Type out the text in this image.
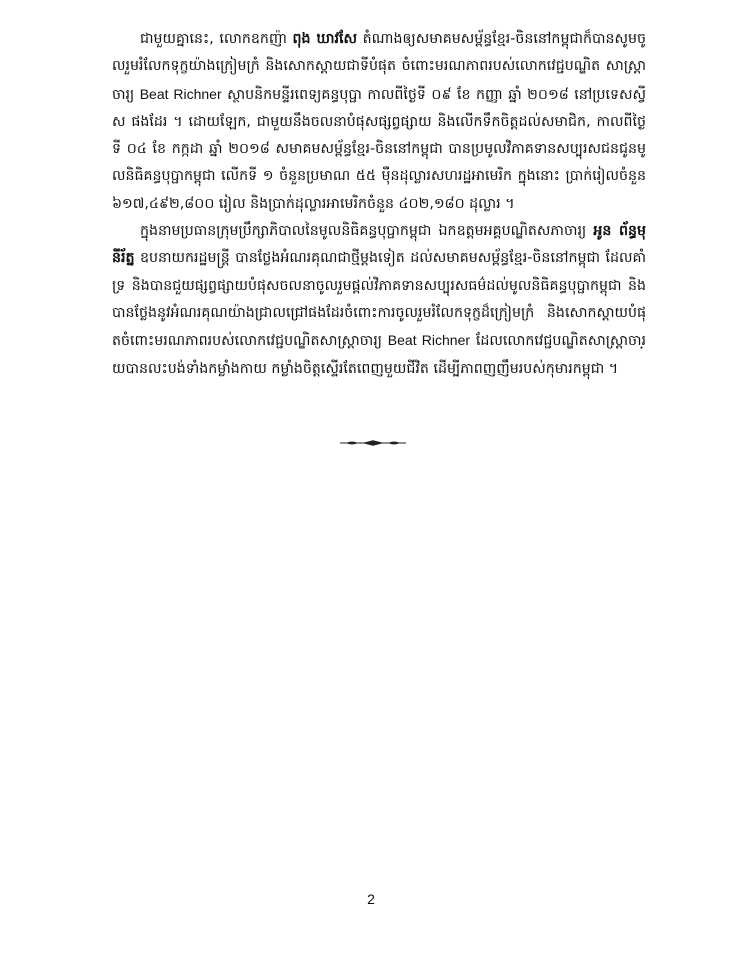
ជាមួយគ្នានេះ, លោកឧកញ៉ា ពុង ឃាវសែ តំណាងឲ្យសមាគមសម្ព័ន្ធខ្មែរ-ចិននៅកម្ពុជាក៏បានសូមចូលរួមរំលែកទុក្ខយ៉ាងក្រៀមក្រំ និងសោកស្តាយជាទីបំផុត ចំពោះមរណភាពរបស់លោកវេជ្ជបណ្ឌិត សាស្ត្រាចារ្យ Beat Richner ស្ថាបនិកមន្ទីរពេទ្យគន្ធបុប្ផា កាលពីថ្ងៃទី ០៩ ខែ កញ្ញា ឆ្នាំ ២០១៨ នៅប្រទេសស្វីស ផងដែរ ។ ដោយឡែក, ជាមួយនឹងចលនាបំផុសផ្សព្វផ្សាយ និងលើកទឹកចិត្តដល់សមាជិក, កាលពីថ្ងៃទី ០៤ ខែ កក្កដា ឆ្នាំ ២០១៨ សមាគមសម្ព័ន្ធខ្មែរ-ចិននៅកម្ពុជា បានប្រមូលវិភាគទានសប្បុរសជនជូនមូលនិធិគន្ធបុប្ផាកម្ពុជា លើកទី ១ ចំនួនប្រមាណ ៥៥ ម៉ឺនដុល្លារសហរដ្ឋអាមេរិក ក្នុងនោះ ប្រាក់រៀលចំនួន ៦១៧,៤៩២,៨០០ រៀល និងប្រាក់ដុល្លារអាមេរិកចំនួន ៤០២,១៨០ ដុល្លារ ។

ក្នុងនាមប្រធានក្រុមប្រឹក្សាភិបាលនៃមូលនិធិគន្ធបុប្ផាកម្ពុជា ឯកឧត្តមអគ្គបណ្ឌិតសភាចារ្យ អូន ព័ន្ធមុនីរ័ត្ន ឧបនាយករដ្ឋមន្ត្រី បានថ្លែងអំណរគុណជាថ្មីម្តងទៀត ដល់សមាគមសម្ព័ន្ធខ្មែរ-ចិននៅកម្ពុជា ដែលគាំទ្រ និងបានជួយផ្សព្វផ្សាយបំផុសចលនាចូលរួមផ្តល់វិភាគទានសប្បុរសធម៌ដល់មូលនិធិគន្ធបុប្ផាកម្ពុជា និងបានថ្លែងនូវអំណរគុណយ៉ាងជ្រាលជ្រៅផងដែរចំពោះការចូលរួមរំលែកទុក្ខដ៏ក្រៀមក្រំ និងសោកស្តាយបំផុតចំពោះមរណភាពរបស់លោកវេជ្ជបណ្ឌិតសាស្ត្រាចារ្យ Beat Richner ដែលលោកវេជ្ជបណ្ឌិតសាស្ត្រាចារ្យបានលះបង់ទាំងកម្លាំងកាយ កម្លាំងចិត្តស្ទើរតែពេញមួយជីវិត ដើម្បីភាពញញឹមរបស់កុមារកម្ពុជា ។

2
